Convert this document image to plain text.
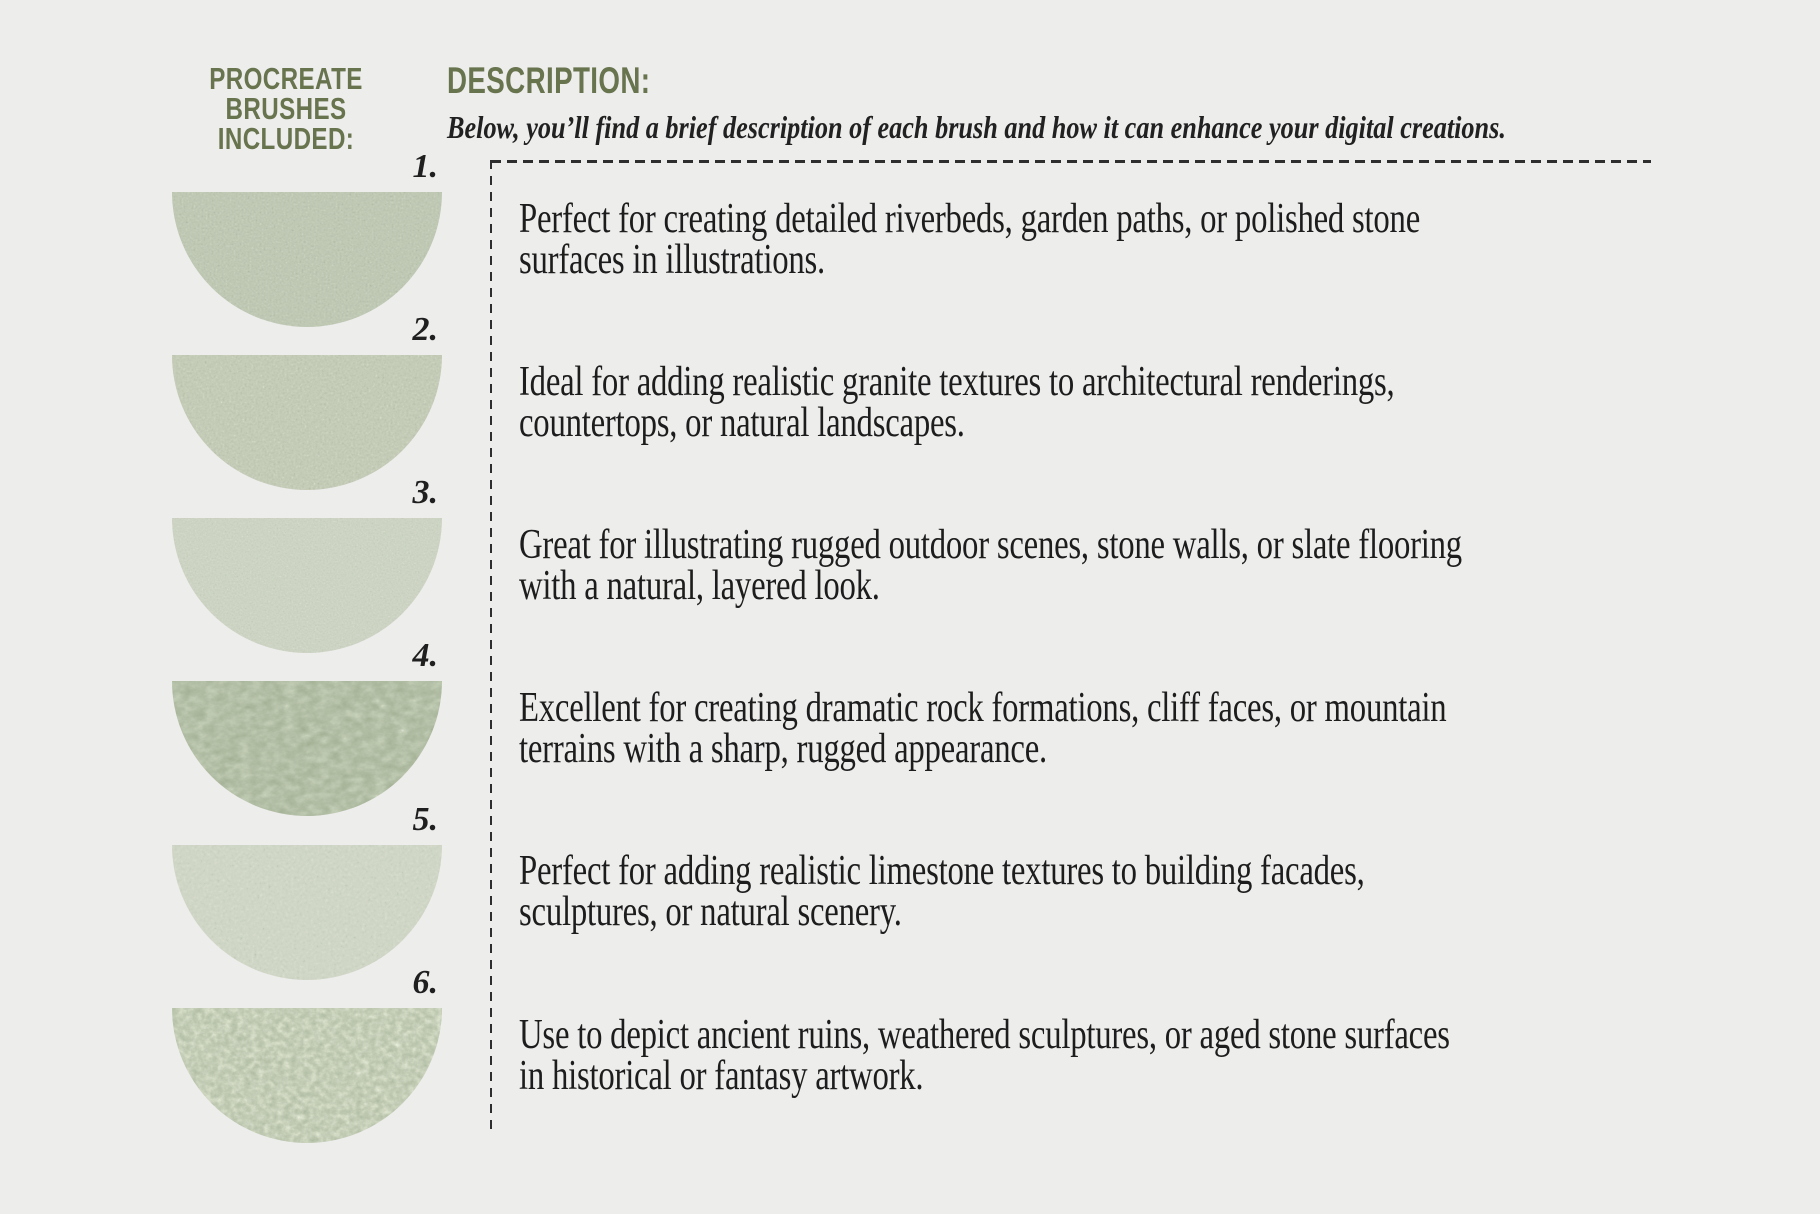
PROCREATE
BRUSHES INCLUDED:
DESCRIPTION:
Below, you’ll find a brief description of each brush and how it can enhance your digital creations.
1.
Perfect for creating detailed riverbeds, garden paths, or polished stone
surfaces in illustrations.
2.
Ideal for adding realistic granite textures to architectural renderings,
countertops, or natural landscapes.
3.
Great for illustrating rugged outdoor scenes, stone walls, or slate flooring
with a natural, layered look.
4.
Excellent for creating dramatic rock formations, cliff faces, or mountain
terrains with a sharp, rugged appearance.
5.
Perfect for adding realistic limestone textures to building facades,
sculptures, or natural scenery.
6.
Use to depict ancient ruins, weathered sculptures, or aged stone surfaces
in historical or fantasy artwork.
